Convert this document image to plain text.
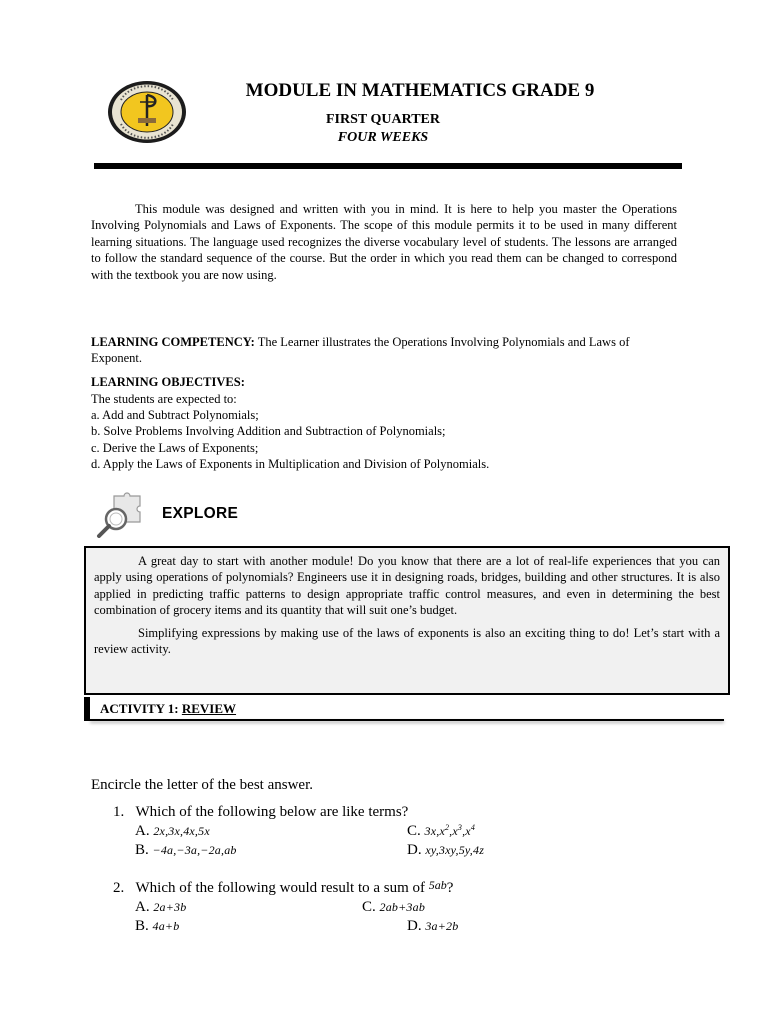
MODULE IN MATHEMATICS GRADE 9
FIRST QUARTER
FOUR WEEKS
This module was designed and written with you in mind. It is here to help you master the Operations Involving Polynomials and Laws of Exponents. The scope of this module permits it to be used in many different learning situations. The language used recognizes the diverse vocabulary level of students. The lessons are arranged to follow the standard sequence of the course. But the order in which you read them can be changed to correspond with the textbook you are now using.
LEARNING COMPETENCY: The Learner illustrates the Operations Involving Polynomials and Laws of Exponent.
LEARNING OBJECTIVES:
The students are expected to:
a. Add and Subtract Polynomials;
b. Solve Problems Involving Addition and Subtraction of Polynomials;
c. Derive the Laws of Exponents;
d. Apply the Laws of Exponents in Multiplication and Division of Polynomials.
EXPLORE

A great day to start with another module! Do you know that there are a lot of real-life experiences that you can apply using operations of polynomials? Engineers use it in designing roads, bridges, building and other structures. It is also applied in predicting traffic patterns to design appropriate traffic control measures, and even in determining the best combination of grocery items and its quantity that will suit one’s budget.

Simplifying expressions by making use of the laws of exponents is also an exciting thing to do! Let’s start with a review activity.

ACTIVITY 1: REVIEW
Encircle the letter of the best answer.
1. Which of the following below are like terms?
A. 2x,3x,4x,5x	C. $3x,x^2,x^3,x^4$
B. −4a,−3a,−2a,ab	D. xy,3xy,5y,4z
2. Which of the following would result to a sum of $^{5ab}$?
A. 2a+3b	C. 2ab+3ab
B. 4a+b	D. 3a+2b
